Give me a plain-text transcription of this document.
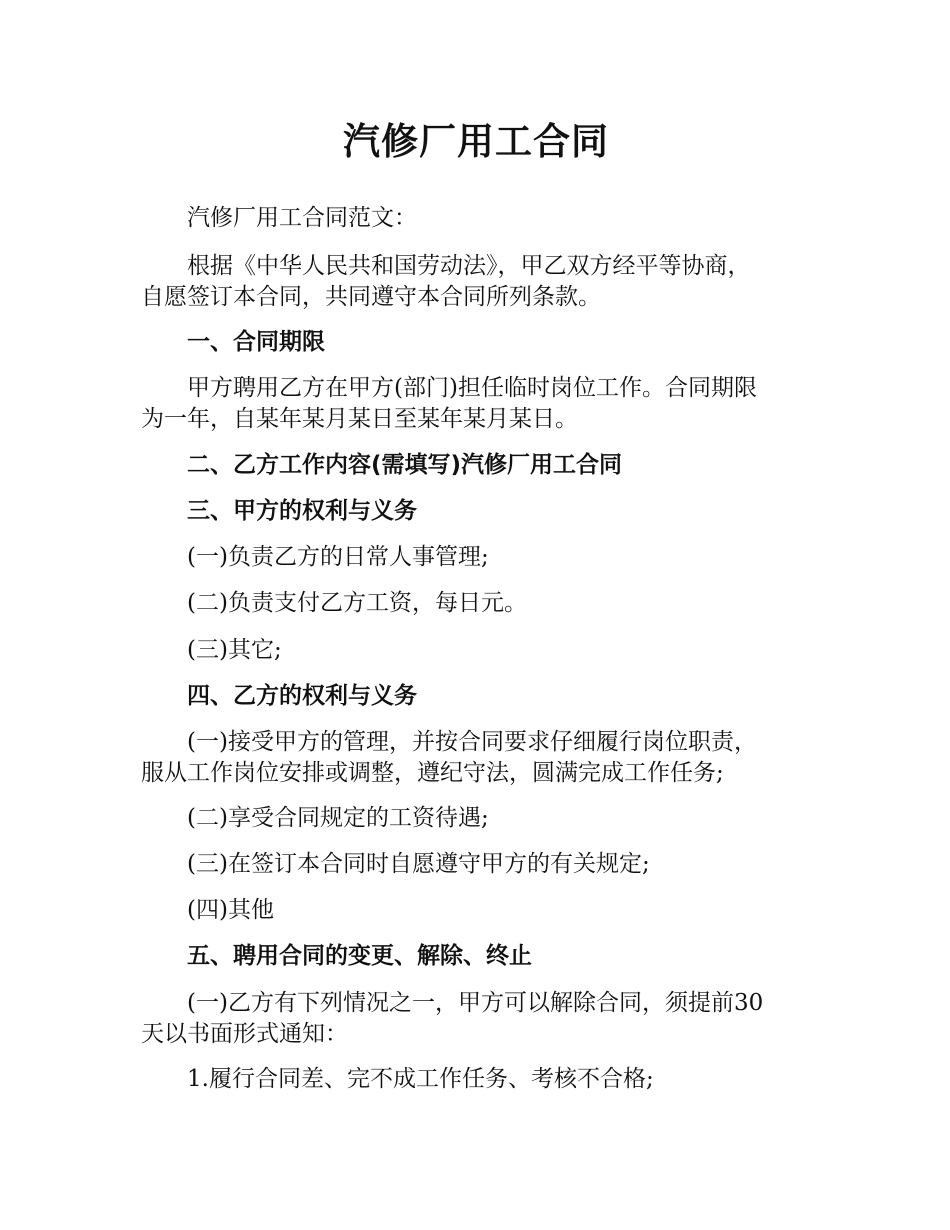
汽修厂用工合同

汽修厂用工合同范文：

根据《中华人民共和国劳动法》，甲乙双方经平等协商，
自愿签订本合同，共同遵守本合同所列条款。

一、合同期限

甲方聘用乙方在甲方(部门)担任临时岗位工作。合同期限
为一年，自某年某月某日至某年某月某日。

二、乙方工作内容(需填写)汽修厂用工合同

三、甲方的权利与义务

(一)负责乙方的日常人事管理;

(二)负责支付乙方工资，每日元。

(三)其它;

四、乙方的权利与义务

(一)接受甲方的管理，并按合同要求仔细履行岗位职责，
服从工作岗位安排或调整，遵纪守法，圆满完成工作任务;

(二)享受合同规定的工资待遇;

(三)在签订本合同时自愿遵守甲方的有关规定;

(四)其他

五、聘用合同的变更、解除、终止

(一)乙方有下列情况之一，甲方可以解除合同，须提前30
天以书面形式通知：

1.履行合同差、完不成工作任务、考核不合格;
